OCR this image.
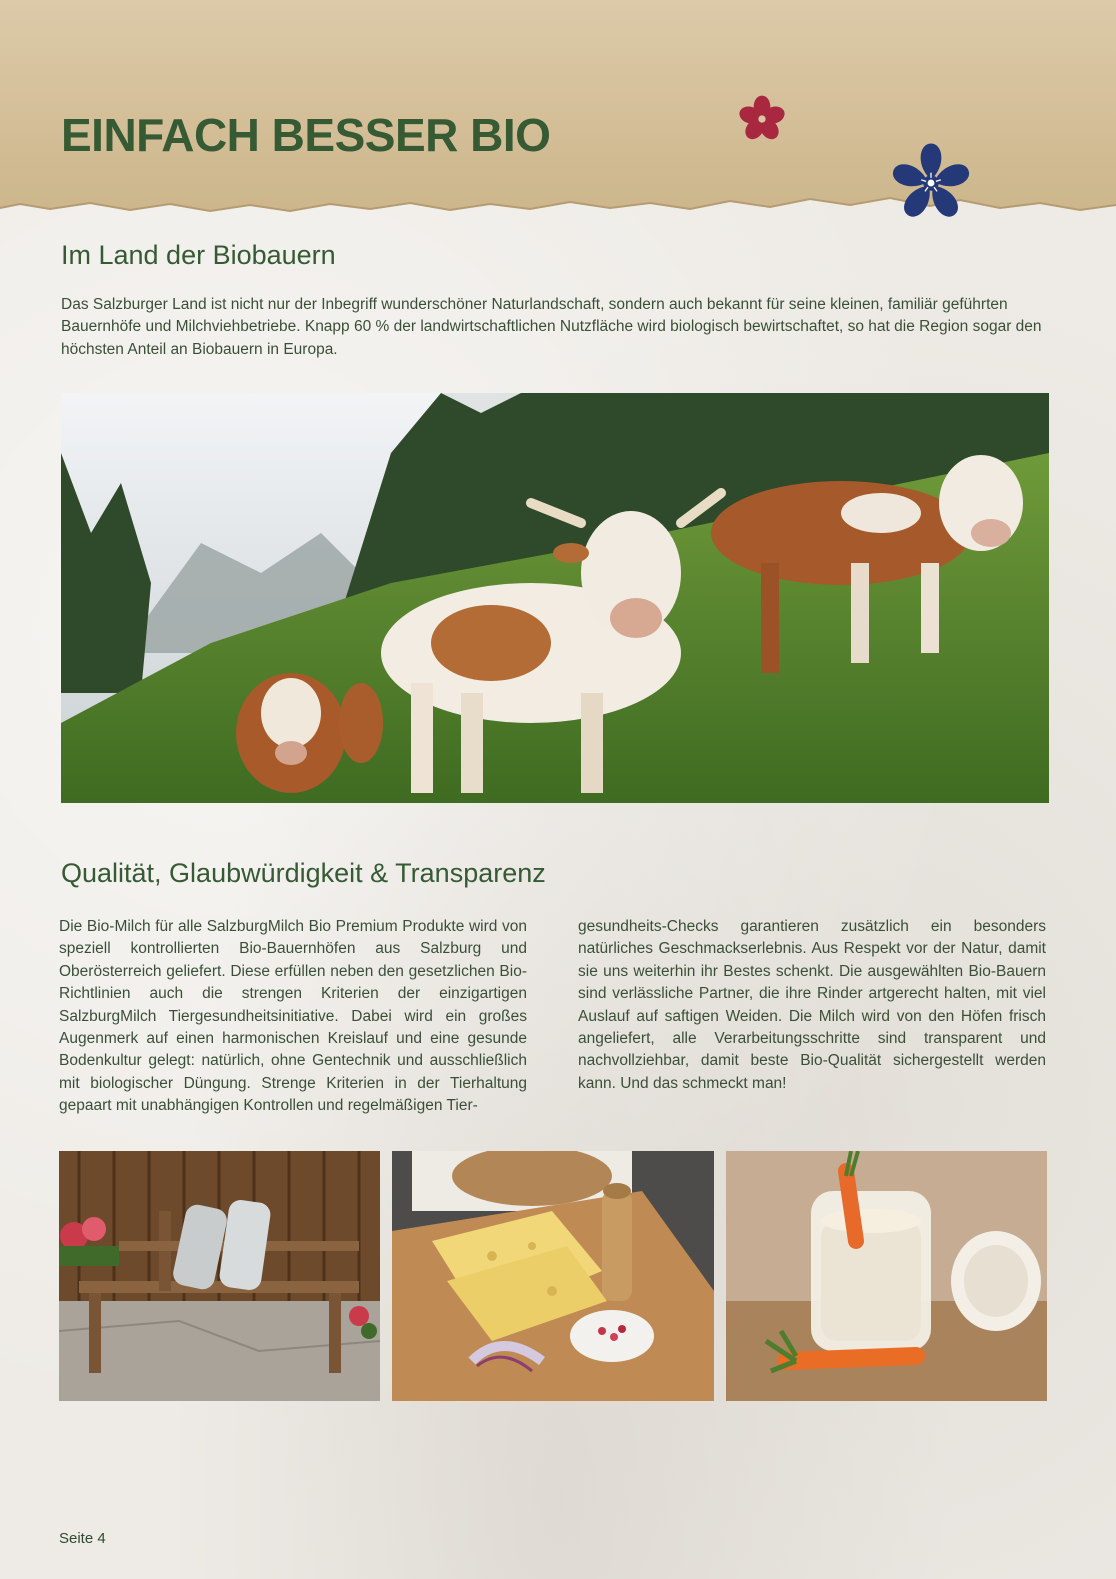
EINFACH BESSER BIO
Im Land der Biobauern

Das Salzburger Land ist nicht nur der Inbegriff wunderschöner Naturlandschaft, sondern auch bekannt für seine kleinen, familiär geführten Bauernhöfe und Milchviehbetriebe. Knapp 60 % der landwirtschaftlichen Nutzfläche wird biologisch bewirtschaftet, so hat die Region sogar den höchsten Anteil an Biobauern in Europa.

Qualität, Glaubwürdigkeit & Transparenz

Die Bio-Milch für alle SalzburgMilch Bio Premium Produkte wird von speziell kontrollierten Bio-Bauernhöfen aus Salzburg und Oberösterreich geliefert. Diese erfüllen neben den gesetzlichen Bio-Richtlinien auch die strengen Kriterien der einzigartigen SalzburgMilch Tiergesundheitsinitiative. Dabei wird ein großes Augenmerk auf einen harmonischen Kreislauf und eine gesunde Bodenkultur gelegt: natürlich, ohne Gentechnik und ausschließlich mit biologischer Düngung. Strenge Kriterien in der Tierhaltung gepaart mit unabhängigen Kontrollen und regelmäßigen Tier-

gesundheits-Checks garantieren zusätzlich ein besonders natürliches Geschmackserlebnis. Aus Respekt vor der Natur, damit sie uns weiterhin ihr Bestes schenkt. Die ausgewählten Bio-Bauern sind verlässliche Partner, die ihre Rinder artgerecht halten, mit viel Auslauf auf saftigen Weiden. Die Milch wird von den Höfen frisch angeliefert, alle Verarbeitungsschritte sind transparent und nachvollziehbar, damit beste Bio-Qualität sichergestellt werden kann. Und das schmeckt man!

Seite 4
